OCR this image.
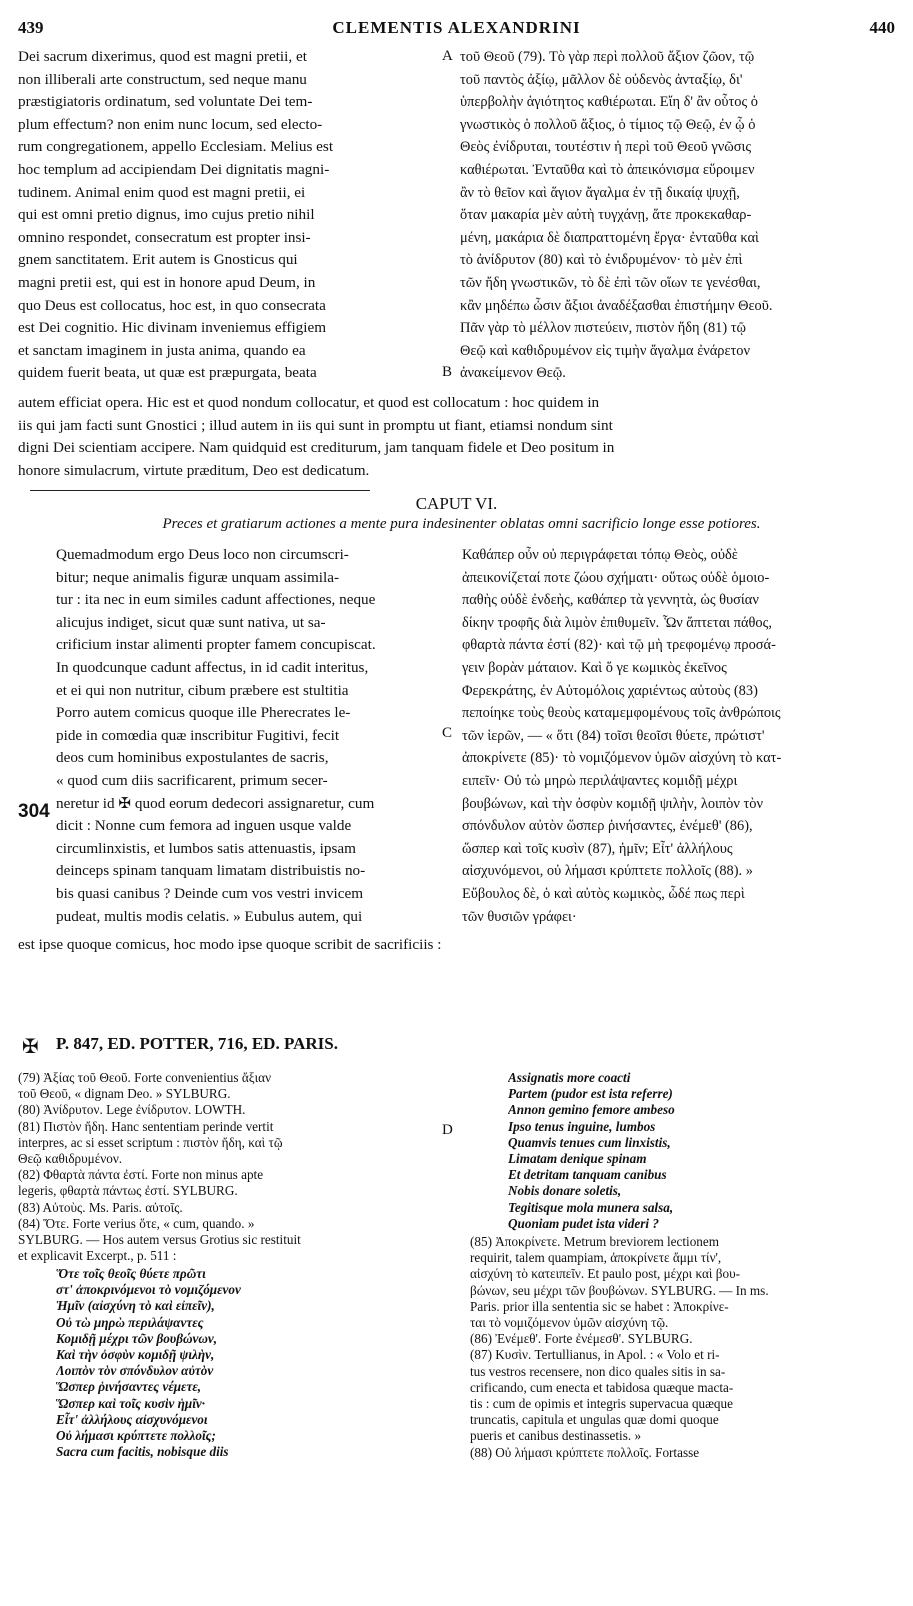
439	CLEMENTIS ALEXANDRINI	440
Dei sacrum dixerimus, quod est magni pretii, et
non illiberali arte constructum, sed neque manu
præstigiatoris ordinatum, sed voluntate Dei tem-
plum effectum? non enim nunc locum, sed electo-
rum congregationem, appello Ecclesiam. Melius est
hoc templum ad accipiendam Dei dignitatis magni-
tudinem. Animal enim quod est magni pretii, ei
qui est omni pretio dignus, imo cujus pretio nihil
omnino respondet, consecratum est propter insi-
gnem sanctitatem. Erit autem is Gnosticus qui
magni pretii est, qui est in honore apud Deum, in
quo Deus est collocatus, hoc est, in quo consecrata
est Dei cognitio. Hic divinam inveniemus effigiem
et sanctam imaginem in justa anima, quando ea
quidem fuerit beata, ut quæ est præpurgata, beata
A
B
τοῦ Θεοῦ (79). Τὸ γὰρ περὶ πολλοῦ ἄξιον ζῶον, τῷ
τοῦ παντὸς ἀξίῳ, μᾶλλον δὲ οὐδενὸς ἀνταξίῳ, δι'
ὑπερβολὴν ἁγιότητος καθιέρωται. Εἴη δ' ἂν οὗτος ὁ
γνωστικὸς ὁ πολλοῦ ἄξιος, ὁ τίμιος τῷ Θεῷ, ἐν ᾧ ὁ
Θεὸς ἐνίδρυται, τουτέστιν ἡ περὶ τοῦ Θεοῦ γνῶσις
καθιέρωται. Ἐνταῦθα καὶ τὸ ἀπεικόνισμα εὕροιμεν
ἂν τὸ θεῖον καὶ ἅγιον ἄγαλμα ἐν τῇ δικαίᾳ ψυχῇ,
ὅταν μακαρία μὲν αὐτὴ τυγχάνῃ, ἅτε προκεκαθαρ-
μένη, μακάρια δὲ διαπραττομένη ἔργα· ἐνταῦθα καὶ
τὸ ἀνίδρυτον (80) καὶ τὸ ἐνιδρυμένον· τὸ μὲν ἐπὶ
τῶν ἤδη γνωστικῶν, τὸ δὲ ἐπὶ τῶν οἵων τε γενέσθαι,
κἂν μηδέπω ὦσιν ἄξιοι ἀναδέξασθαι ἐπιστήμην Θεοῦ.
Πᾶν γὰρ τὸ μέλλον πιστεύειν, πιστὸν ἤδη (81) τῷ
Θεῷ καὶ καθιδρυμένον εἰς τιμὴν ἄγαλμα ἐνάρετον
ἀνακείμενον Θεῷ.
autem efficiat opera. Hic est et quod nondum collocatur, et quod est collocatum : hoc quidem in
iis qui jam facti sunt Gnostici ; illud autem in iis qui sunt in promptu ut fiant, etiamsi nondum sint
digni Dei scientiam accipere. Nam quidquid est crediturum, jam tanquam fidele et Deo positum in
honore simulacrum, virtute præditum, Deo est dedicatum.
CAPUT VI.
Preces et gratiarum actiones a mente pura indesinenter oblatas omni sacrificio longe esse potiores.
Quemadmodum ergo Deus loco non circumscri-
bitur; neque animalis figuræ unquam assimila-
tur : ita nec in eum similes cadunt affectiones, neque
alicujus indiget, sicut quæ sunt nativa, ut sa-
crificium instar alimenti propter famem concupiscat.
In quodcunque cadunt affectus, in id cadit interitus,
et ei qui non nutritur, cibum præbere est stultitia
Porro autem comicus quoque ille Pherecrates le-
pide in comœdia quæ inscribitur Fugitivi, fecit
deos cum hominibus expostulantes de sacris,
« quod cum diis sacrificarent, primum secer-
neretur id ✠ quod eorum dedecori assignaretur, cum
dicit : Nonne cum femora ad inguen usque valde
circumlinxistis, et lumbos satis attenuastis, ipsam
deinceps spinam tanquam limatam distribuistis no-
bis quasi canibus ? Deinde cum vos vestri invicem
pudeat, multis modis celatis. » Eubulus autem, qui
304
C
Καθάπερ οὖν οὐ περιγράφεται τόπῳ Θεὸς, οὐδὲ
ἀπεικονίζεταί ποτε ζώου σχήματι· οὕτως οὐδὲ ὁμοιο-
παθὴς οὐδὲ ἐνδεὴς, καθάπερ τὰ γεννητὰ, ὡς θυσίαν
δίκην τροφῆς διὰ λιμὸν ἐπιθυμεῖν. Ὧν ἅπτεται πάθος,
φθαρτὰ πάντα ἐστί (82)· καὶ τῷ μὴ τρεφομένῳ προσά-
γειν βορὰν μάταιον. Καὶ ὅ γε κωμικὸς ἐκεῖνος
Φερεκράτης, ἐν Αὐτομόλοις χαριέντως αὐτοὺς (83)
πεποίηκε τοὺς θεοὺς καταμεμφομένους τοῖς ἀνθρώποις
τῶν ἱερῶν, — « ὅτι (84) τοῖσι θεοῖσι θύετε, πρώτιστ'
ἀποκρίνετε (85)· τὸ νομιζόμενον ὑμῶν αἰσχύνη τὸ κατ-
ειπεῖν· Οὐ τὼ μηρὼ περιλάψαντες κομιδῇ μέχρι
βουβώνων, καὶ τὴν ὀσφὺν κομιδῇ ψιλὴν, λοιπὸν τὸν
σπόνδυλον αὐτὸν ὥσπερ ῥινήσαντες, ἐνέμεθ' (86),
ὥσπερ καὶ τοῖς κυσὶν (87), ἡμῖν; Εἶτ' ἀλλήλους
αἰσχυνόμενοι, οὐ λήμασι κρύπτετε πολλοῖς (88). »
Εὔβουλος δὲ, ὁ καὶ αὐτὸς κωμικὸς, ὧδέ πως περὶ
τῶν θυσιῶν γράφει·
est ipse quoque comicus, hoc modo ipse quoque scribit de sacrificiis :
✠ P. 847, ED. POTTER, 716, ED. PARIS.
(79) Ἀξίας τοῦ Θεοῦ. Forte convenientius ἄξιαν
τοῦ Θεοῦ, « dignam Deo. » SYLBURG.
(80) Ἀνίδρυτον. Lege ἐνίδρυτον. LOWTH.
(81) Πιστὸν ἤδη. Hanc sententiam perinde vertit
interpres, ac si esset scriptum : πιστὸν ἤδη, καὶ τῷ
Θεῷ καθιδρυμένον.
(82) Φθαρτὰ πάντα ἐστί. Forte non minus apte
legeris, φθαρτὰ πάντως ἐστί. SYLBURG.
(83) Αὐτοὺς. Ms. Paris. αὐτοῖς.
(84) Ὅτε. Forte verius ὅτε, « cum, quando. »
SYLBURG. — Hos autem versus Grotius sic restituit
et explicavit Excerpt., p. 511 :
Ὅτε τοῖς θεοῖς θύετε πρῶτι
στ' ἀποκρινόμενοι τὸ νομιζόμενον
Ἡμῖν (αἰσχύνη τὸ καὶ εἰπεῖν),
Οὐ τὼ μηρὼ περιλάψαντες
Κομιδῇ μέχρι τῶν βουβώνων,
Καὶ τὴν ὀσφὺν κομιδῇ ψιλὴν,
Λοιπὸν τὸν σπόνδυλον αὐτὸν
Ὥσπερ ῥινήσαντες νέμετε,
Ὥσπερ καὶ τοῖς κυσὶν ἡμῖν·
Εἶτ' ἀλλήλους αἰσχυνόμενοι
Οὐ λήμασι κρύπτετε πολλοῖς;
Sacra cum facitis, nobisque diis
D
Assignatis more coacti
Partem (pudor est ista referre)
Annon gemino femore ambeso
Ipso tenus inguine, lumbos
Quamvis tenues cum linxistis,
Limatam denique spinam
Et detritam tanquam canibus
Nobis donare soletis,
Tegitisque mola munera salsa,
Quoniam pudet ista videri ?
(85) Ἀποκρίνετε. Metrum breviorem lectionem
requirit, talem quampiam, ἀποκρίνετε ἄμμι τίν',
αἰσχύνη τὸ κατειπεῖν. Et paulo post, μέχρι καὶ βου-
βώνων, seu μέχρι τῶν βουβώνων. SYLBURG. — In ms.
Paris. prior illa sententia sic se habet : Ἀποκρίνε-
ται τὸ νομιζόμενον ὑμῶν αἰσχύνη τῷ.
(86) Ἐνέμεθ'. Forte ἐνέμεσθ'. SYLBURG.
(87) Κυσὶν. Tertullianus, in Apol. : « Volo et ri-
tus vestros recensere, non dico quales sitis in sa-
crificando, cum enecta et tabidosa quæque macta-
tis : cum de opimis et integris supervacua quæque
truncatis, capitula et ungulas quæ domi quoque
pueris et canibus destinassetis. »
(88) Οὐ λήμασι κρύπτετε πολλοῖς. Fortasse
